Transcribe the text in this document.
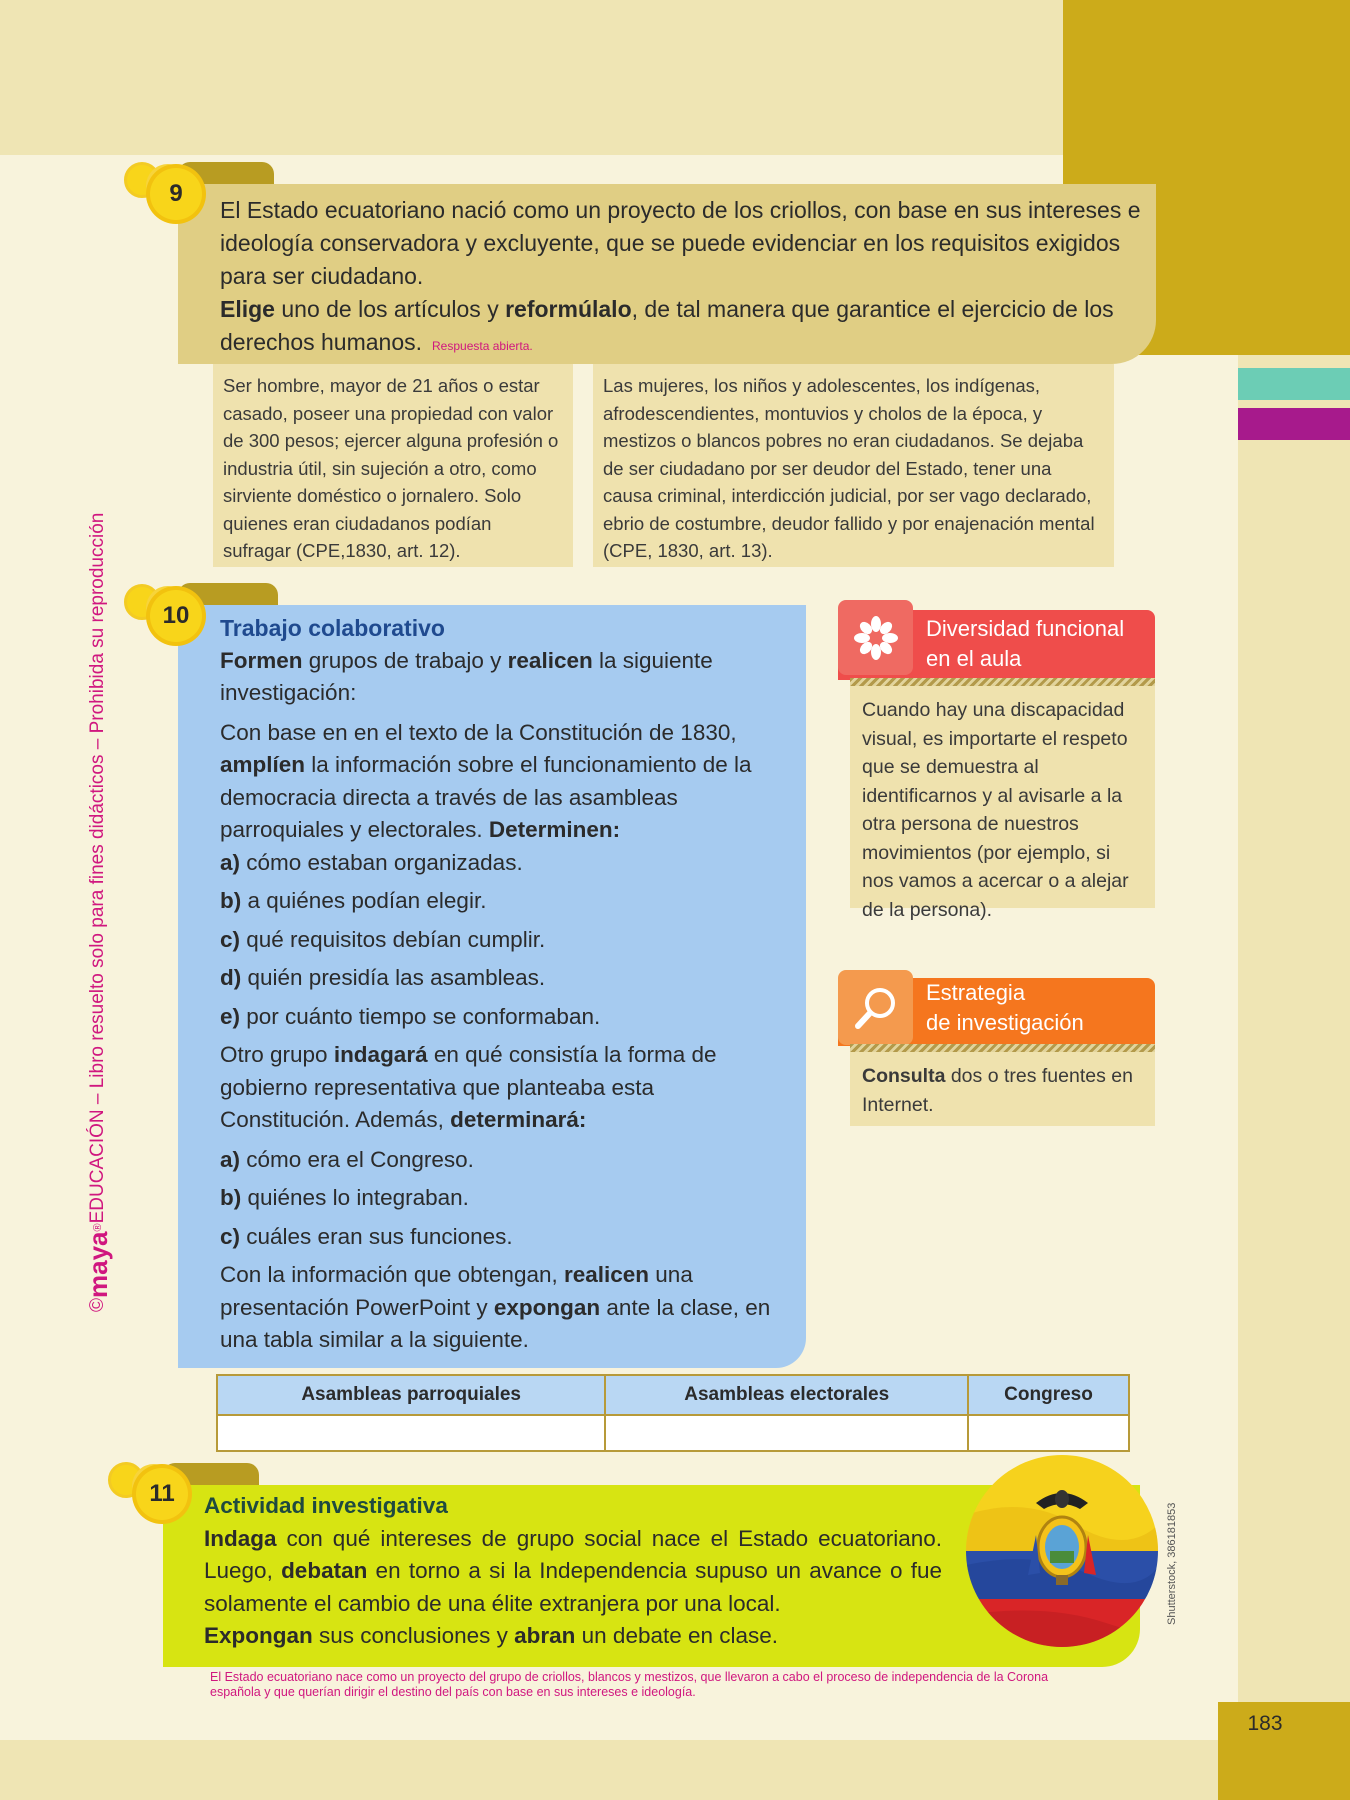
183
©
maya
®
EDUCACIÓN – Libro resuelto solo para fines didácticos – Prohibida su reproducción
9
El Estado ecuatoriano nació como un proyecto de los criollos, con base en sus intereses e ideología conservadora y excluyente, que se puede evidenciar en los requisitos exigidos para ser ciudadano.
Elige uno de los artículos y reformúlalo, de tal manera que garantice el ejercicio de los derechos humanos. Respuesta abierta.
Ser hombre, mayor de 21 años o estar casado, poseer una propiedad con valor de 300 pesos; ejercer alguna profesión o industria útil, sin sujeción a otro, como sirviente doméstico o jornalero. Solo quienes eran ciudadanos podían sufragar (CPE,1830, art. 12).
Las mujeres, los niños y adolescentes, los indígenas, afrodescendientes, montuvios y cholos de la época, y mestizos o blancos pobres no eran ciudadanos. Se dejaba de ser ciudadano por ser deudor del Estado, tener una causa criminal, interdicción judicial, por ser vago declarado, ebrio de costumbre, deudor fallido y por enajenación mental (CPE, 1830, art. 13).
10	Trabajo colaborativo

Formen grupos de trabajo y realicen la siguiente investigación:

Con base en en el texto de la Constitución de 1830, amplíen la información sobre el funcionamiento de la democracia directa a través de las asambleas parroquiales y electorales. Determinen:

a) cómo estaban organizadas.
b) a quiénes podían elegir.
c) qué requisitos debían cumplir.
d) quién presidía las asambleas.
e) por cuánto tiempo se conformaban.

Otro grupo indagará en qué consistía la forma de gobierno representativa que planteaba esta Constitución. Además, determinará:

a) cómo era el Congreso.
b) quiénes lo integraban.
c) cuáles eran sus funciones.

Con la información que obtengan, realicen una presentación PowerPoint y expongan ante la clase, en una tabla similar a la siguiente.

Diversidad funcional
en el aula
Cuando hay una discapacidad visual, es importarte el respeto que se demuestra al identificarnos y al avisarle a la otra persona de nuestros movimientos (por ejemplo, si nos vamos a acercar o a alejar de la persona).
Estrategia
de investigación
Consulta dos o tres fuentes en Internet.
Asambleas parroquiales	Asambleas electorales	Congreso

11	Actividad investigativa

Indaga con qué intereses de grupo social nace el Estado ecuatoriano. Luego, debatan en torno a si la Independencia supuso un avance o fue solamente el cambio de una élite extranjera por una local.

Expongan sus conclusiones y abran un debate en clase.

Shutterstock, 386181853
El Estado ecuatoriano nace como un proyecto del grupo de criollos, blancos y mestizos, que llevaron a cabo el proceso de independencia de la Corona española y que querían dirigir el destino del país con base en sus intereses e ideología.
